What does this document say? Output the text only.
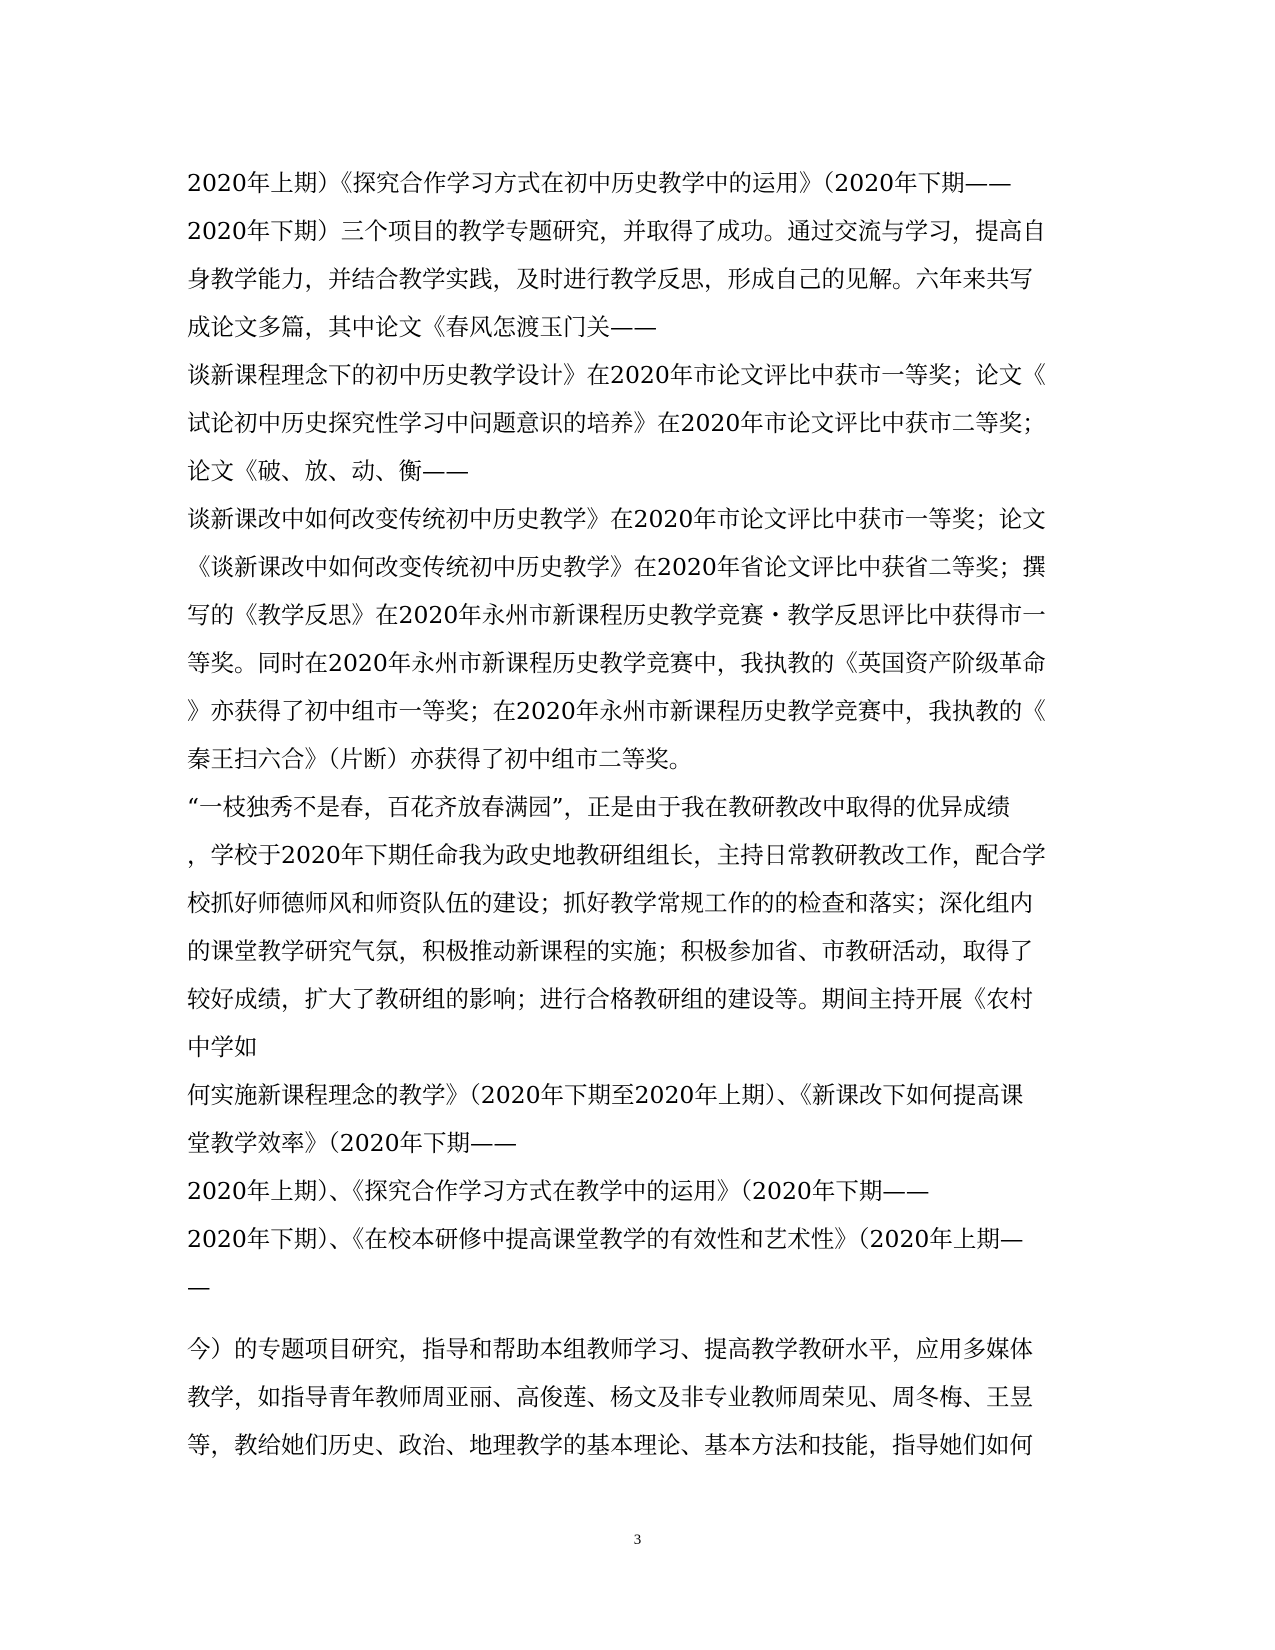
2020年上期）《探究合作学习方式在初中历史教学中的运用》（2020年下期——
2020年下期）三个项目的教学专题研究，并取得了成功。通过交流与学习，提高自
身教学能力，并结合教学实践，及时进行教学反思，形成自己的见解。六年来共写
成论文多篇，其中论文《春风怎渡玉门关——
谈新课程理念下的初中历史教学设计》在2020年市论文评比中获市一等奖；论文《
试论初中历史探究性学习中问题意识的培养》在2020年市论文评比中获市二等奖；
论文《破、放、动、衡——
谈新课改中如何改变传统初中历史教学》在2020年市论文评比中获市一等奖；论文
《谈新课改中如何改变传统初中历史教学》在2020年省论文评比中获省二等奖；撰
写的《教学反思》在2020年永州市新课程历史教学竞赛・教学反思评比中获得市一
等奖。同时在2020年永州市新课程历史教学竞赛中，我执教的《英国资产阶级革命
》亦获得了初中组市一等奖；在2020年永州市新课程历史教学竞赛中，我执教的《
秦王扫六合》（片断）亦获得了初中组市二等奖。
“一枝独秀不是春，百花齐放春满园”，正是由于我在教研教改中取得的优异成绩
，学校于2020年下期任命我为政史地教研组组长，主持日常教研教改工作，配合学
校抓好师德师风和师资队伍的建设；抓好教学常规工作的的检查和落实；深化组内
的课堂教学研究气氛，积极推动新课程的实施；积极参加省、市教研活动，取得了
较好成绩，扩大了教研组的影响；进行合格教研组的建设等。期间主持开展《农村
中学如
何实施新课程理念的教学》（2020年下期至2020年上期）、《新课改下如何提高课
堂教学效率》（2020年下期——
2020年上期）、《探究合作学习方式在教学中的运用》（2020年下期——
2020年下期）、《在校本研修中提高课堂教学的有效性和艺术性》（2020年上期—
—
今）的专题项目研究，指导和帮助本组教师学习、提高教学教研水平，应用多媒体
教学，如指导青年教师周亚丽、高俊莲、杨文及非专业教师周荣见、周冬梅、王昱
等，教给她们历史、政治、地理教学的基本理论、基本方法和技能，指导她们如何
3
